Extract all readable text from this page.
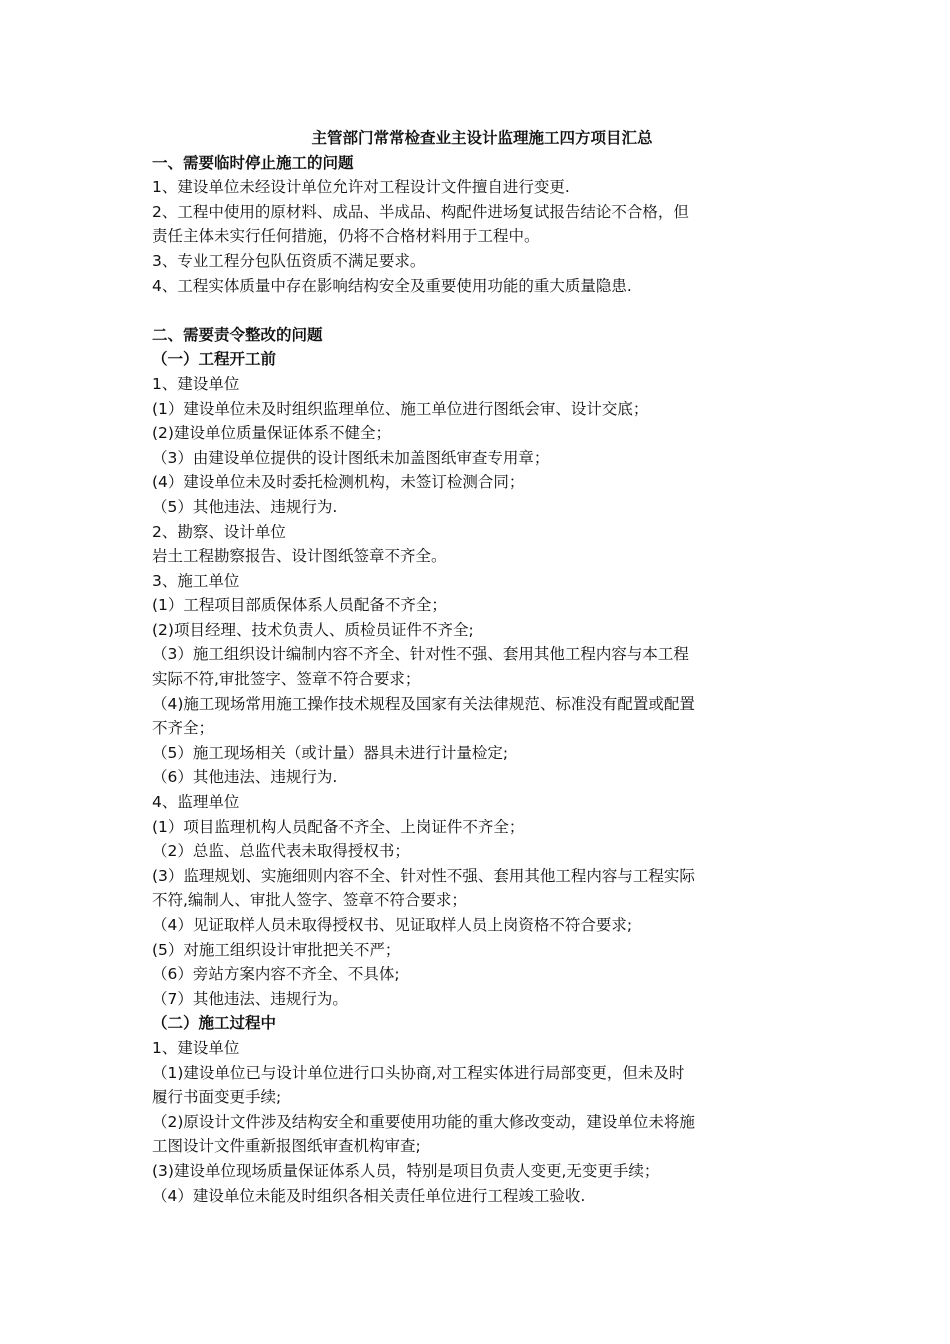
主管部门常常检查业主设计监理施工四方项目汇总
一、需要临时停止施工的问题
1、建设单位未经设计单位允许对工程设计文件擅自进行变更.
2、工程中使用的原材料、成品、半成品、构配件进场复试报告结论不合格，但
责任主体未实行任何措施，仍将不合格材料用于工程中。
3、专业工程分包队伍资质不满足要求。
4、工程实体质量中存在影响结构安全及重要使用功能的重大质量隐患.
二、需要责令整改的问题
（一）工程开工前
1、建设单位
(1）建设单位未及时组织监理单位、施工单位进行图纸会审、设计交底；
(2)建设单位质量保证体系不健全；
（3）由建设单位提供的设计图纸未加盖图纸审查专用章；
(4）建设单位未及时委托检测机构，未签订检测合同；
（5）其他违法、违规行为.
2、勘察、设计单位
岩土工程勘察报告、设计图纸签章不齐全。
3、施工单位
(1）工程项目部质保体系人员配备不齐全；
(2)项目经理、技术负责人、质检员证件不齐全;
（3）施工组织设计编制内容不齐全、针对性不强、套用其他工程内容与本工程
实际不符,审批签字、签章不符合要求；
（4)施工现场常用施工操作技术规程及国家有关法律规范、标准没有配置或配置
不齐全；
（5）施工现场相关（或计量）器具未进行计量检定;
（6）其他违法、违规行为.
4、监理单位
(1）项目监理机构人员配备不齐全、上岗证件不齐全；
（2）总监、总监代表未取得授权书；
(3）监理规划、实施细则内容不全、针对性不强、套用其他工程内容与工程实际
不符,编制人、审批人签字、签章不符合要求；
（4）见证取样人员未取得授权书、见证取样人员上岗资格不符合要求;
(5）对施工组织设计审批把关不严；
（6）旁站方案内容不齐全、不具体;
（7）其他违法、违规行为。
（二）施工过程中
1、建设单位
（1)建设单位已与设计单位进行口头协商,对工程实体进行局部变更，但未及时
履行书面变更手续;
（2)原设计文件涉及结构安全和重要使用功能的重大修改变动，建设单位未将施
工图设计文件重新报图纸审查机构审查;
(3)建设单位现场质量保证体系人员，特别是项目负责人变更,无变更手续；
（4）建设单位未能及时组织各相关责任单位进行工程竣工验收.
